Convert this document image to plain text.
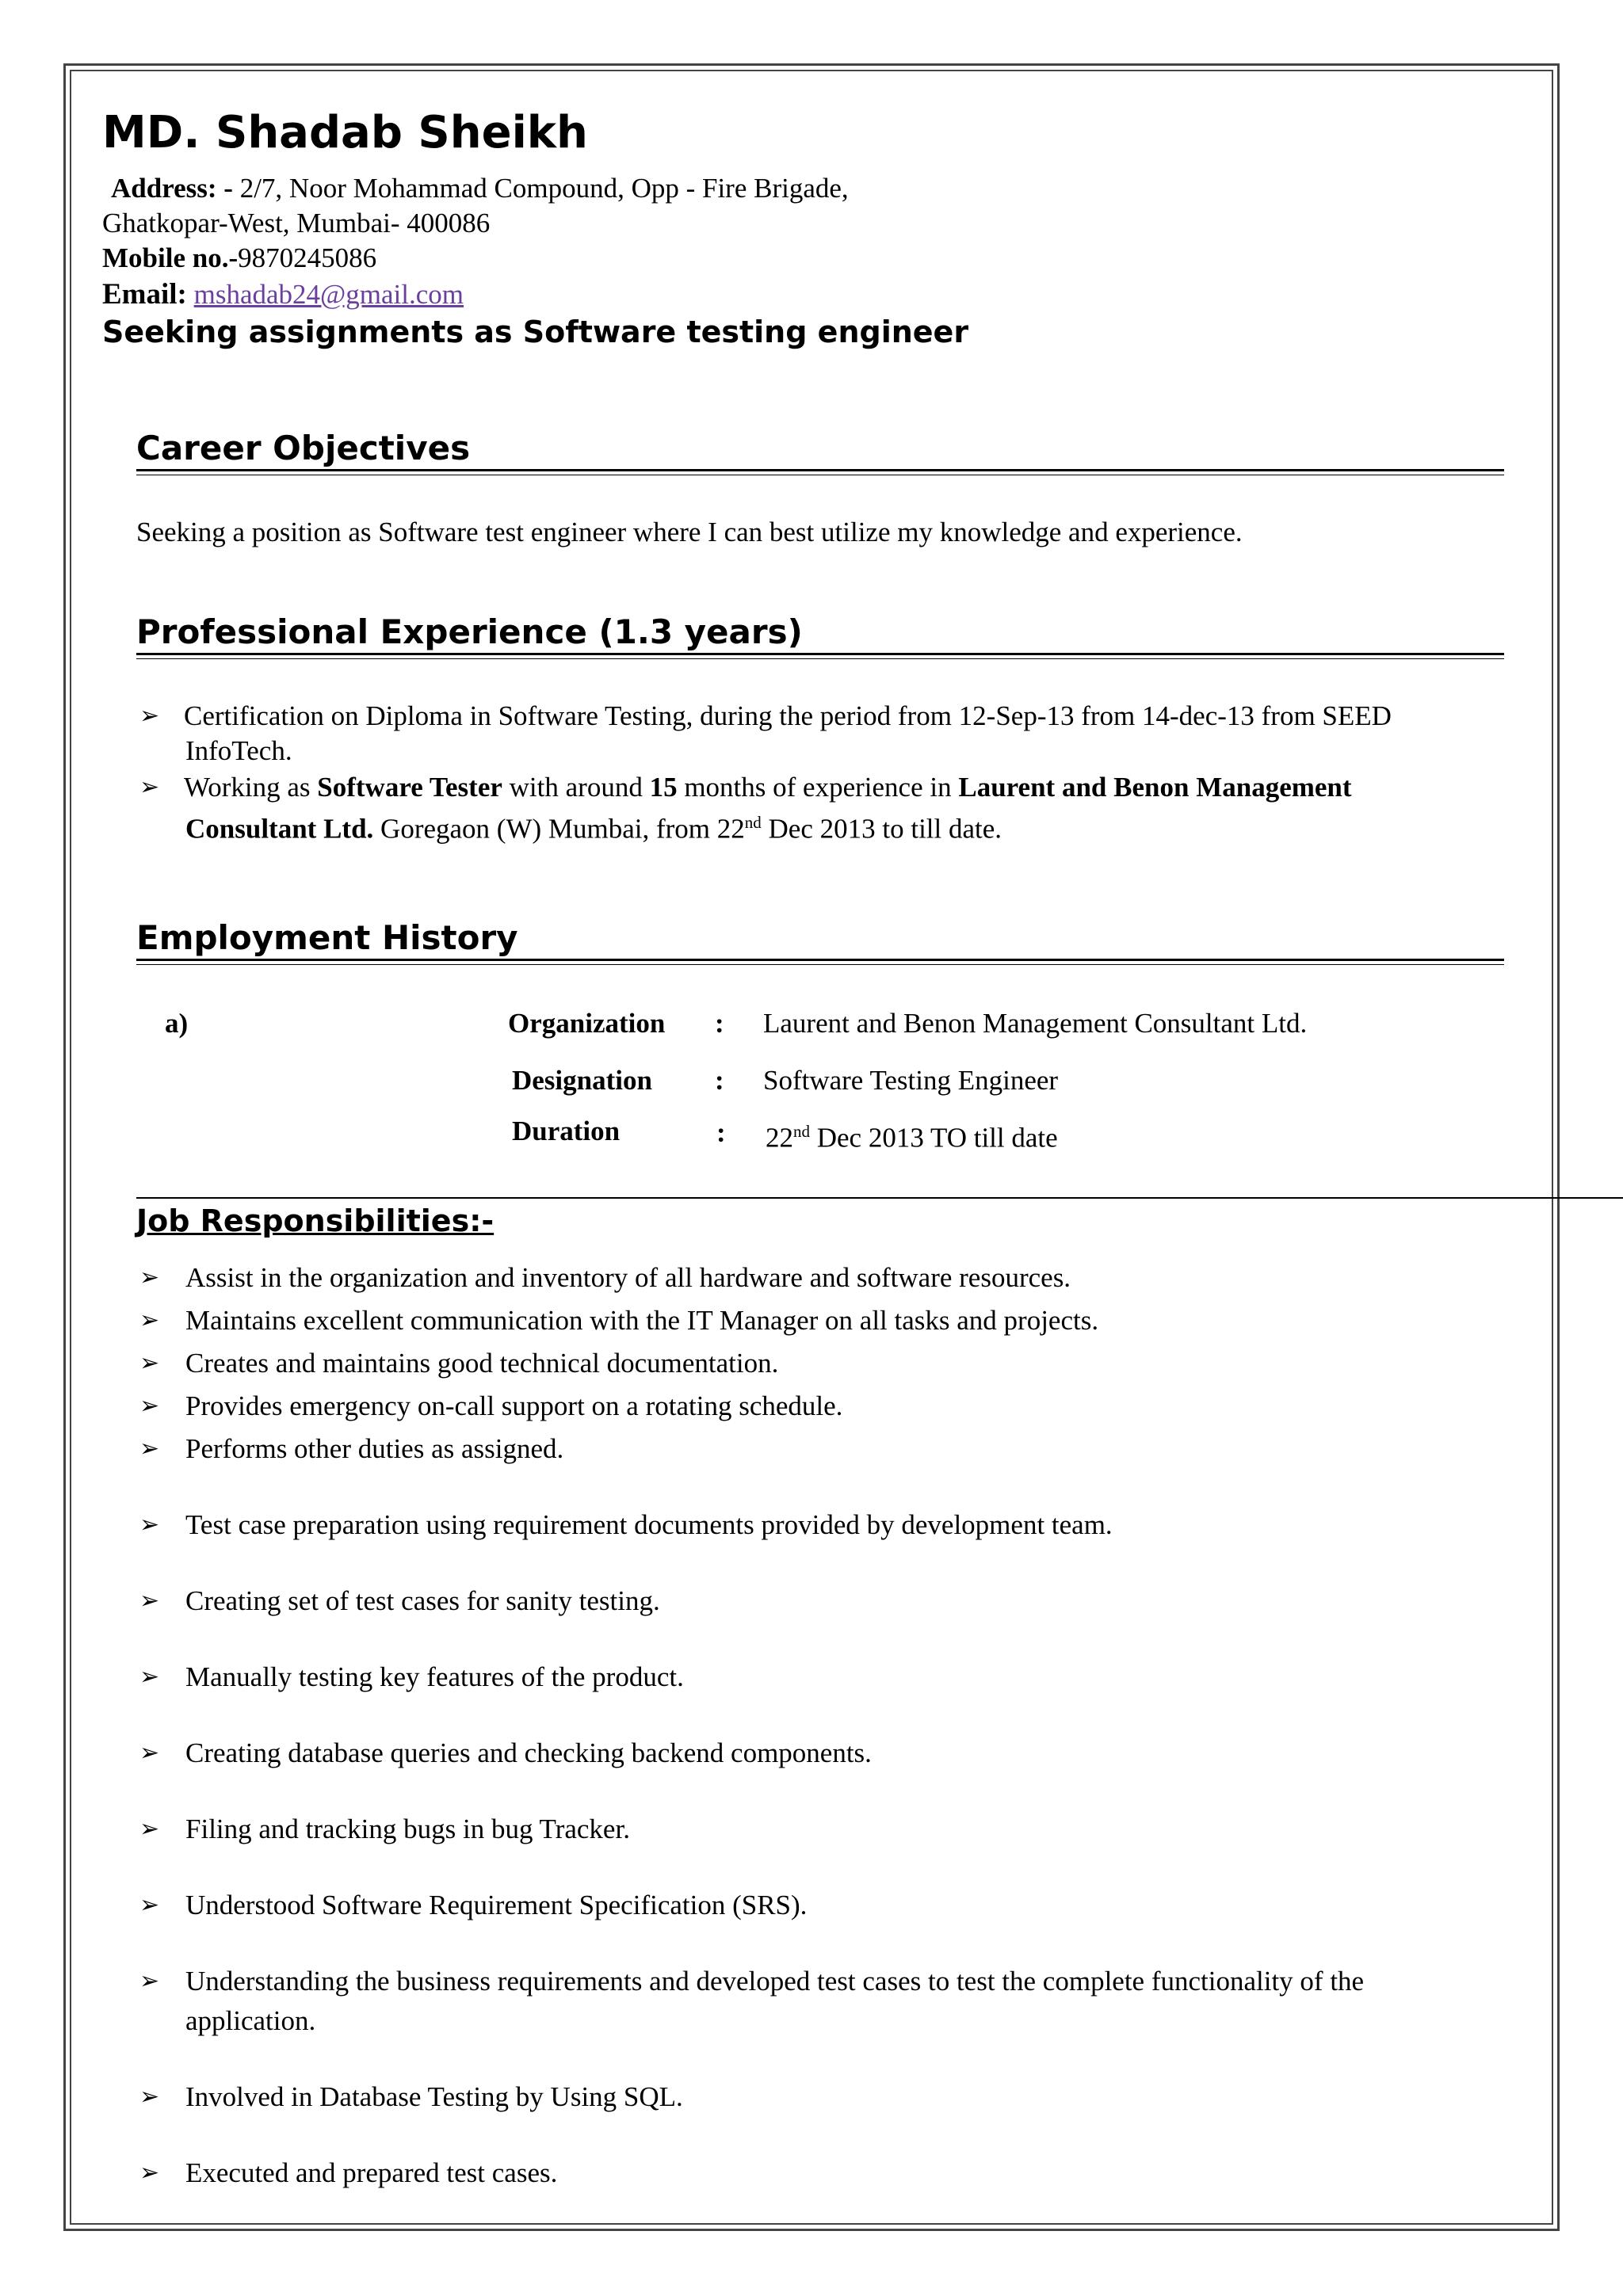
MD. Shadab Sheikh
Address: - 2/7, Noor Mohammad Compound, Opp - Fire Brigade,
Ghatkopar-West, Mumbai- 400086
Mobile no.-9870245086
Email: mshadab24@gmail.com
Seeking assignments as Software testing engineer
Career Objectives
Seeking a position as Software test engineer where I can best utilize my knowledge and experience.
Professional Experience (1.3 years)
➢ Certification on Diploma in Software Testing, during the period from 12-Sep-13 from 14-dec-13 from SEED
InfoTech.
➢ Working as Software Tester with around 15 months of experience in Laurent and Benon Management
Consultant Ltd. Goregaon (W) Mumbai, from 22nd Dec 2013 to till date.
Employment History
a)	Organization : Laurent and Benon Management Consultant Ltd.
Designation : Software Testing Engineer
Duration	: 22nd Dec 2013 TO till date
Job Responsibilities:-
➢ Assist in the organization and inventory of all hardware and software resources.
➢ Maintains excellent communication with the IT Manager on all tasks and projects.
➢ Creates and maintains good technical documentation.
➢ Provides emergency on-call support on a rotating schedule.
➢ Performs other duties as assigned.
➢ Test case preparation using requirement documents provided by development team.
➢ Creating set of test cases for sanity testing.
➢ Manually testing key features of the product.
➢ Creating database queries and checking backend components.
➢ Filing and tracking bugs in bug Tracker.
➢ Understood Software Requirement Specification (SRS).
➢ Understanding the business requirements and developed test cases to test the complete functionality of the
application.
➢ Involved in Database Testing by Using SQL.
➢ Executed and prepared test cases.
